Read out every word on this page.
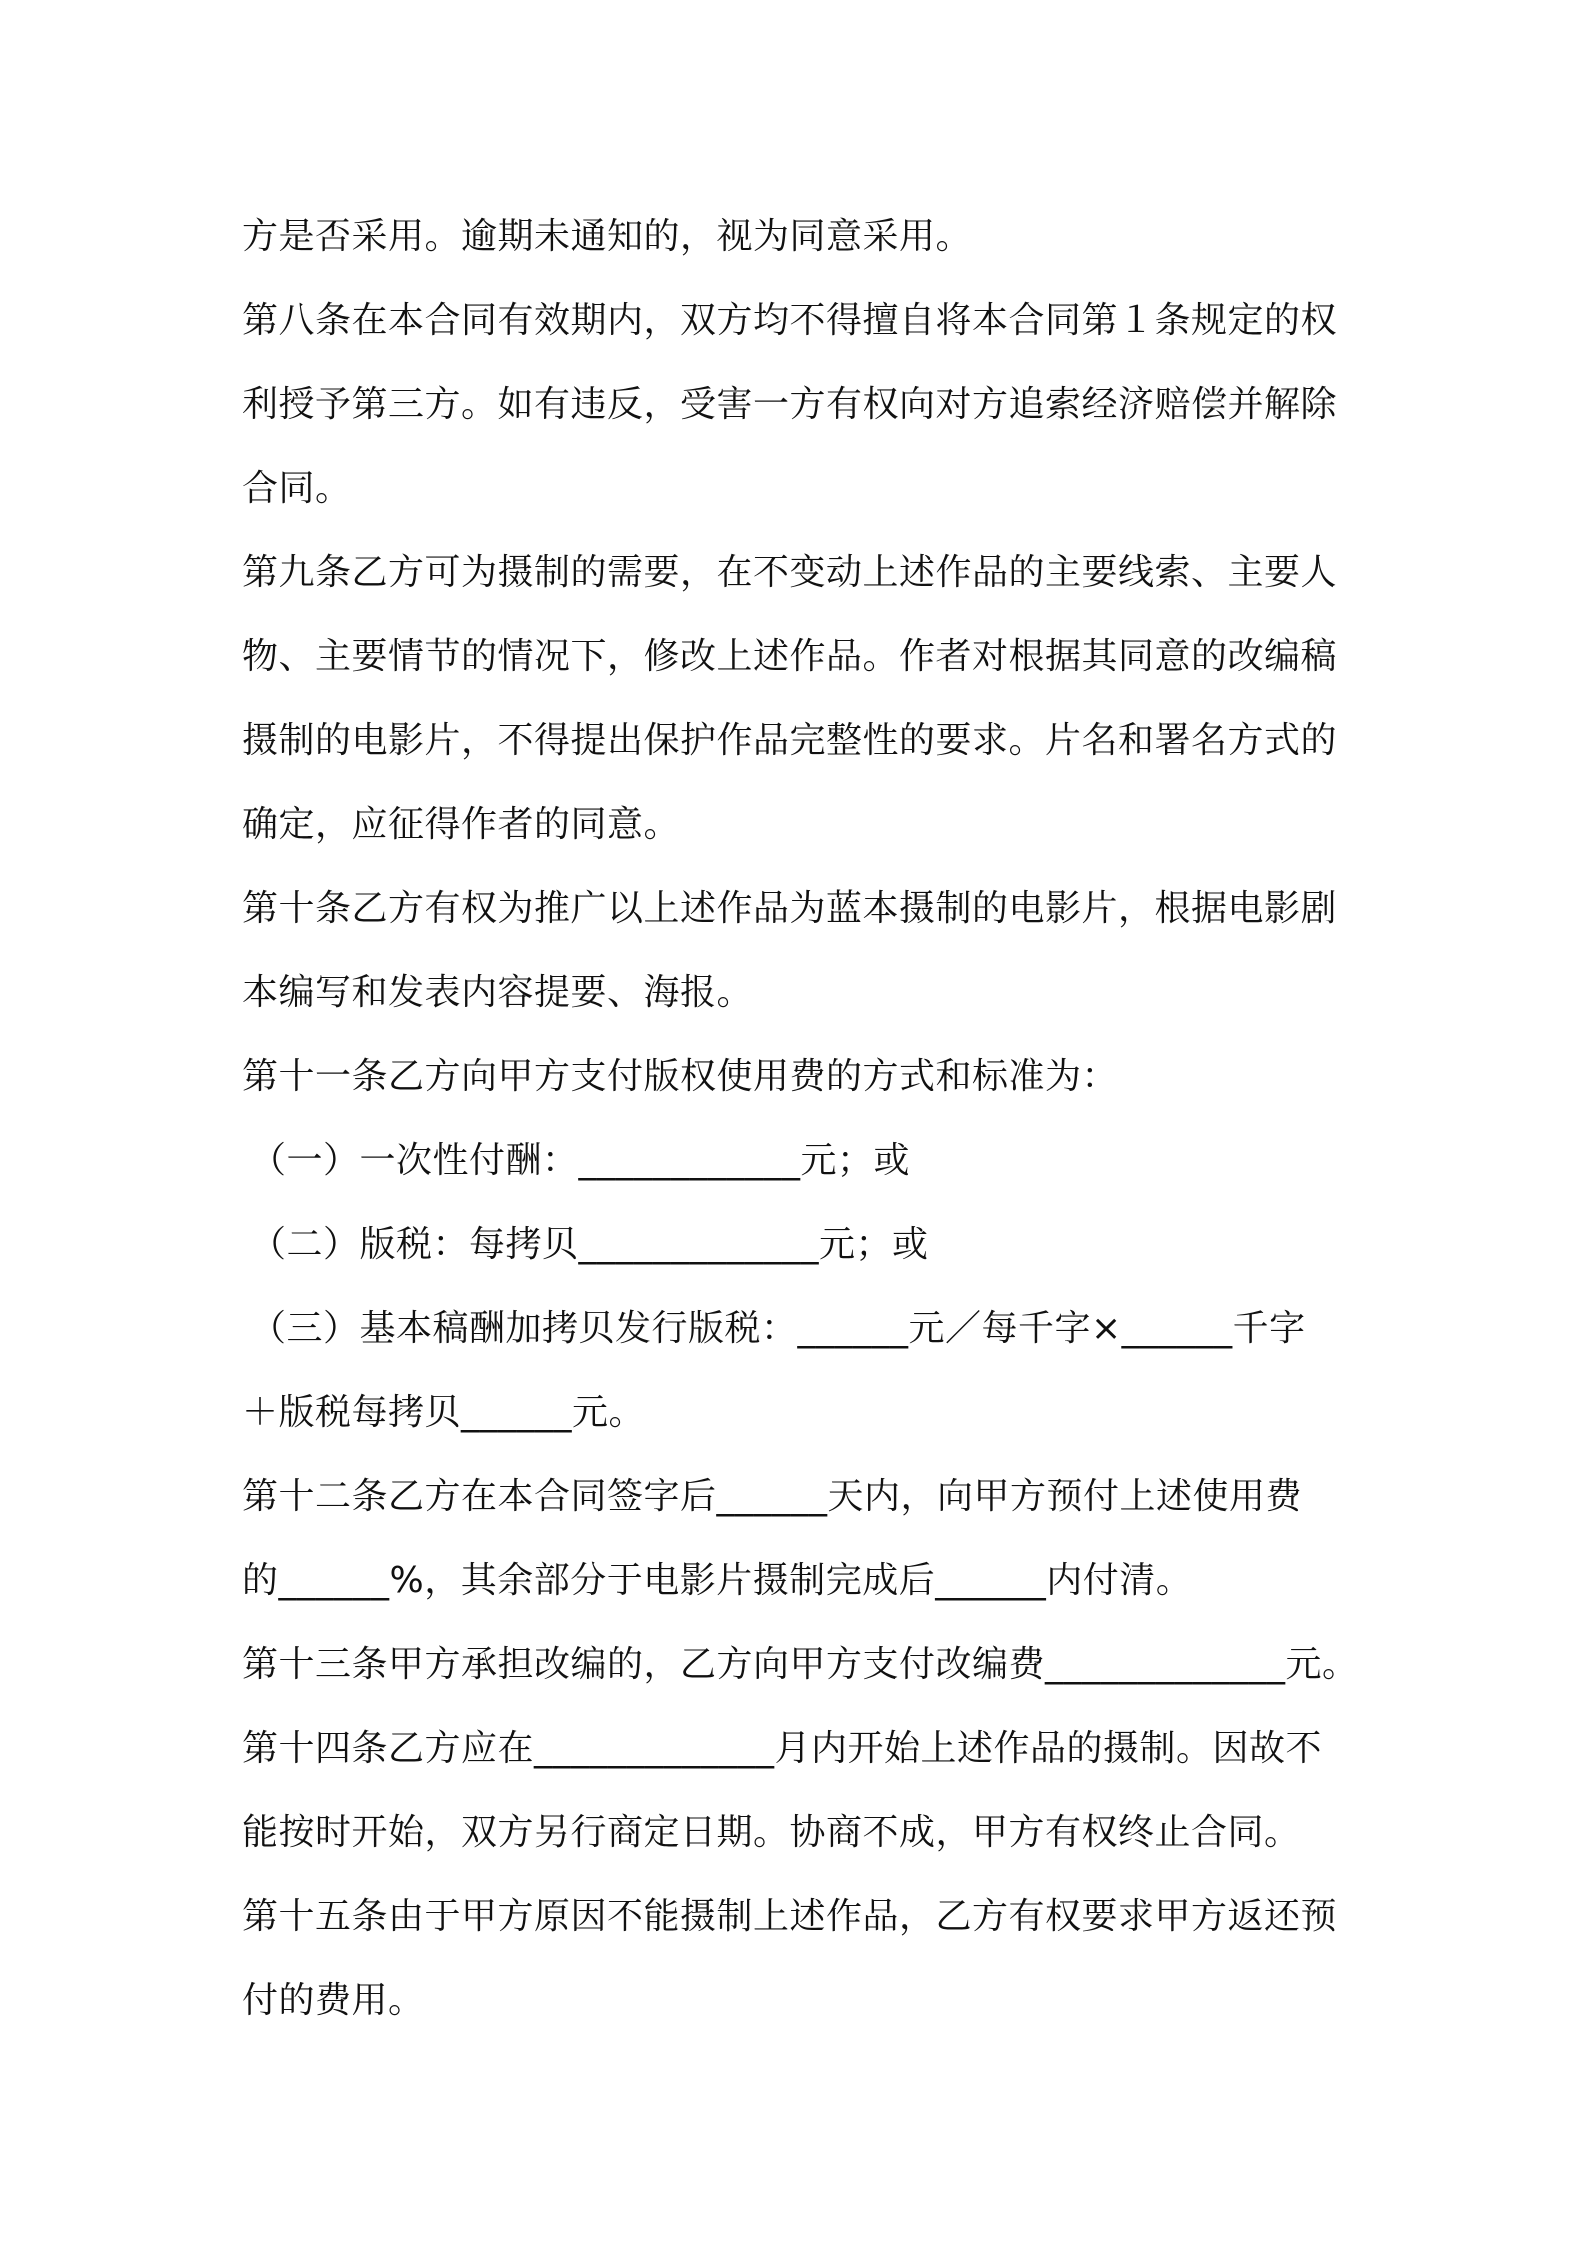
方是否采用。逾期未通知的，视为同意采用。
第八条在本合同有效期内，双方均不得擅自将本合同第１条规定的权
利授予第三方。如有违反，受害一方有权向对方追索经济赔偿并解除
合同。
第九条乙方可为摄制的需要，在不变动上述作品的主要线索、主要人
物、主要情节的情况下，修改上述作品。作者对根据其同意的改编稿
摄制的电影片，不得提出保护作品完整性的要求。片名和署名方式的
确定，应征得作者的同意。
第十条乙方有权为推广以上述作品为蓝本摄制的电影片，根据电影剧
本编写和发表内容提要、海报。
第十一条乙方向甲方支付版权使用费的方式和标准为：
（一）一次性付酬：____________元；或
（二）版税：每拷贝_____________元；或
（三）基本稿酬加拷贝发行版税：______元／每千字×______千字
＋版税每拷贝______元。
第十二条乙方在本合同签字后______天内，向甲方预付上述使用费
的______%，其余部分于电影片摄制完成后______内付清。
第十三条甲方承担改编的，乙方向甲方支付改编费_____________元。
第十四条乙方应在_____________月内开始上述作品的摄制。因故不
能按时开始，双方另行商定日期。协商不成，甲方有权终止合同。
第十五条由于甲方原因不能摄制上述作品，乙方有权要求甲方返还预
付的费用。
